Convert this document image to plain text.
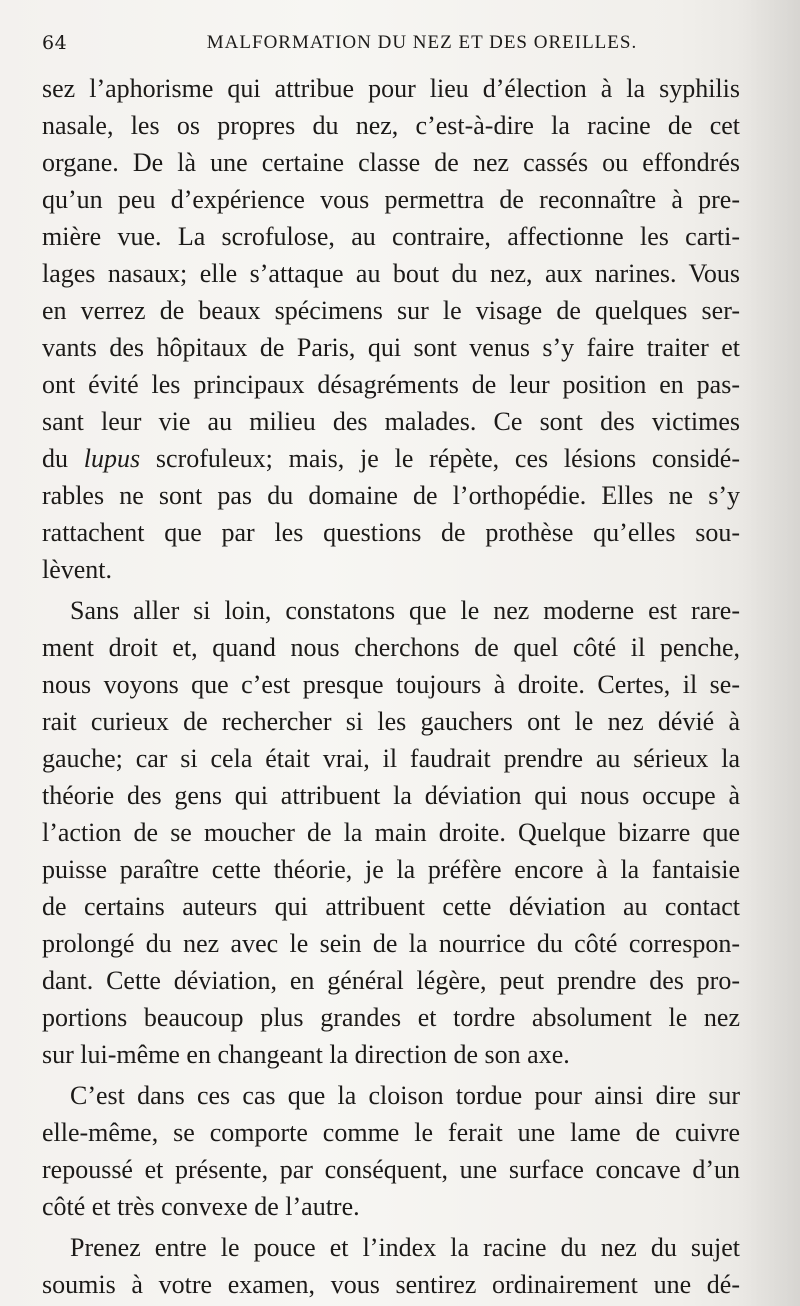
64	MALFORMATION DU NEZ ET DES OREILLES.
sez l’aphorisme qui attribue pour lieu d’élection à la syphilis
nasale, les os propres du nez, c’est-à-dire la racine de cet
organe. De là une certaine classe de nez cassés ou effondrés
qu’un peu d’expérience vous permettra de reconnaître à pre-
mière vue. La scrofulose, au contraire, affectionne les carti-
lages nasaux; elle s’attaque au bout du nez, aux narines. Vous
en verrez de beaux spécimens sur le visage de quelques ser-
vants des hôpitaux de Paris, qui sont venus s’y faire traiter et
ont évité les principaux désagréments de leur position en pas-
sant leur vie au milieu des malades. Ce sont des victimes
du lupus scrofuleux; mais, je le répète, ces lésions considé-
rables ne sont pas du domaine de l’orthopédie. Elles ne s’y
rattachent que par les questions de prothèse qu’elles sou-
lèvent.
Sans aller si loin, constatons que le nez moderne est rare-
ment droit et, quand nous cherchons de quel côté il penche,
nous voyons que c’est presque toujours à droite. Certes, il se-
rait curieux de rechercher si les gauchers ont le nez dévié à
gauche; car si cela était vrai, il faudrait prendre au sérieux la
théorie des gens qui attribuent la déviation qui nous occupe à
l’action de se moucher de la main droite. Quelque bizarre que
puisse paraître cette théorie, je la préfère encore à la fantaisie
de certains auteurs qui attribuent cette déviation au contact
prolongé du nez avec le sein de la nourrice du côté correspon-
dant. Cette déviation, en général légère, peut prendre des pro-
portions beaucoup plus grandes et tordre absolument le nez
sur lui-même en changeant la direction de son axe.
C’est dans ces cas que la cloison tordue pour ainsi dire sur
elle-même, se comporte comme le ferait une lame de cuivre
repoussé et présente, par conséquent, une surface concave d’un
côté et très convexe de l’autre.
Prenez entre le pouce et l’index la racine du nez du sujet
soumis à votre examen, vous sentirez ordinairement une dé-
